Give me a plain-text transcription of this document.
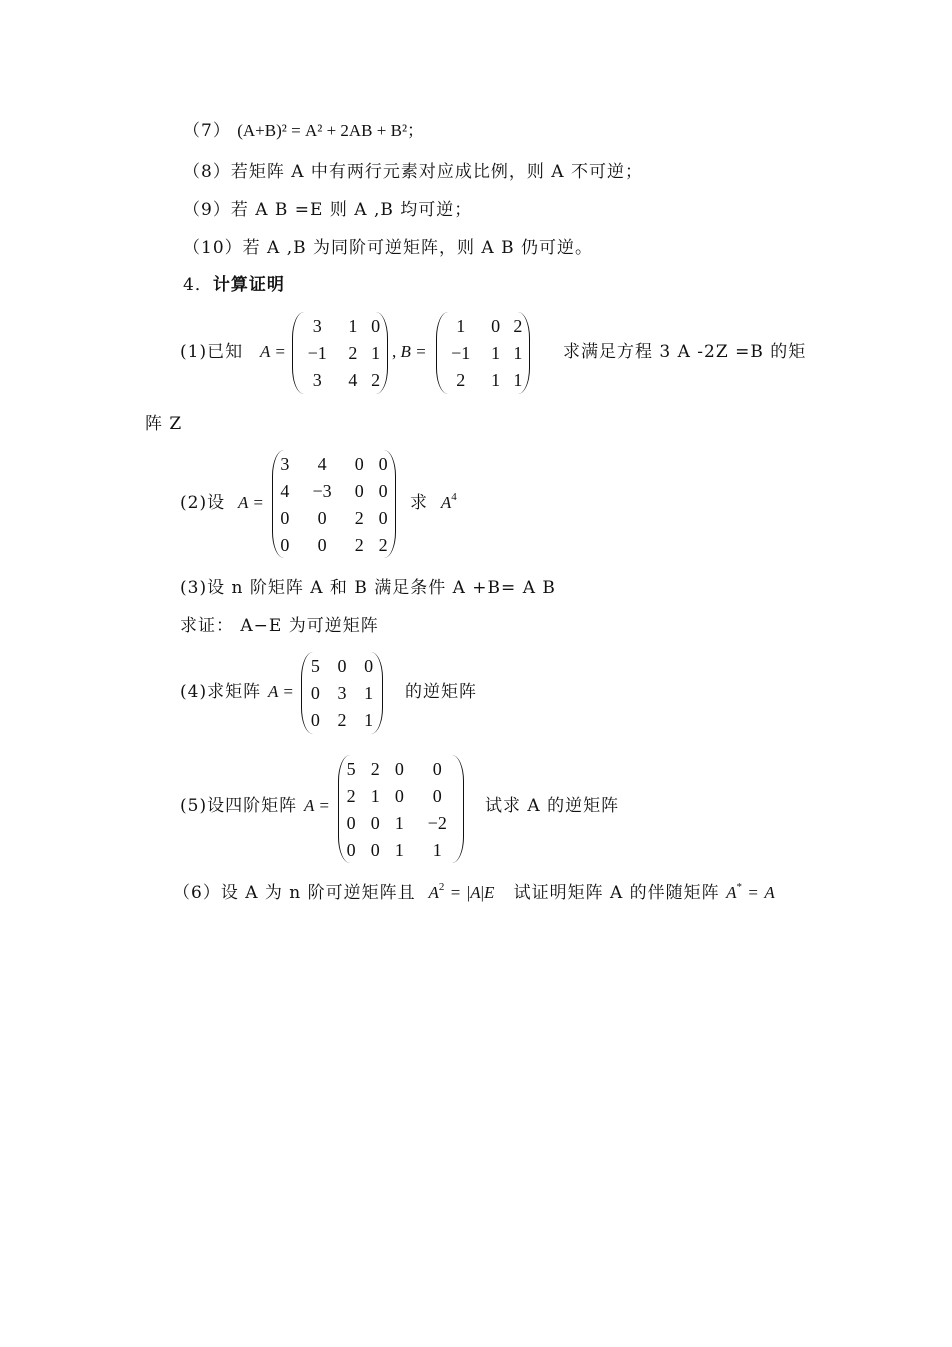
（7） (A+B)² = A² + 2AB + B²；
（8）若矩阵 A 中有两行元素对应成比例，则 A 不可逆；
（9）若 A B =E 则 A ,B 均可逆；
（10）若 A ,B 为同阶可逆矩阵，则 A B 仍可逆。
4．计算证明
(1)已知 A =
3	1	0
−1	2	1
3	4	2
, B =
1	0	2
−1	1	1
2	1	1
求满足方程 3 A -2Z =B 的矩
阵 Z
(2)设 A =
3	4	0	0
4	−3	0	0
0	0	2	0
0	0	2	2
求 $A^4$
(3)设 n 阶矩阵 A 和 B 满足条件 A +B= A B
求证： A−E 为可逆矩阵
(4)求矩阵 A =
5	0	0
0	3	1
0	2	1
的逆矩阵
(5)设四阶矩阵 A =
5	2	0	0
2	1	0	0
0	0	1	−2
0	0	1	1
试求 A 的逆矩阵
（6）设 A 为 n 阶可逆矩阵且 $A^2 = |A|E$ 试证明矩阵 A 的伴随矩阵 A* = A
